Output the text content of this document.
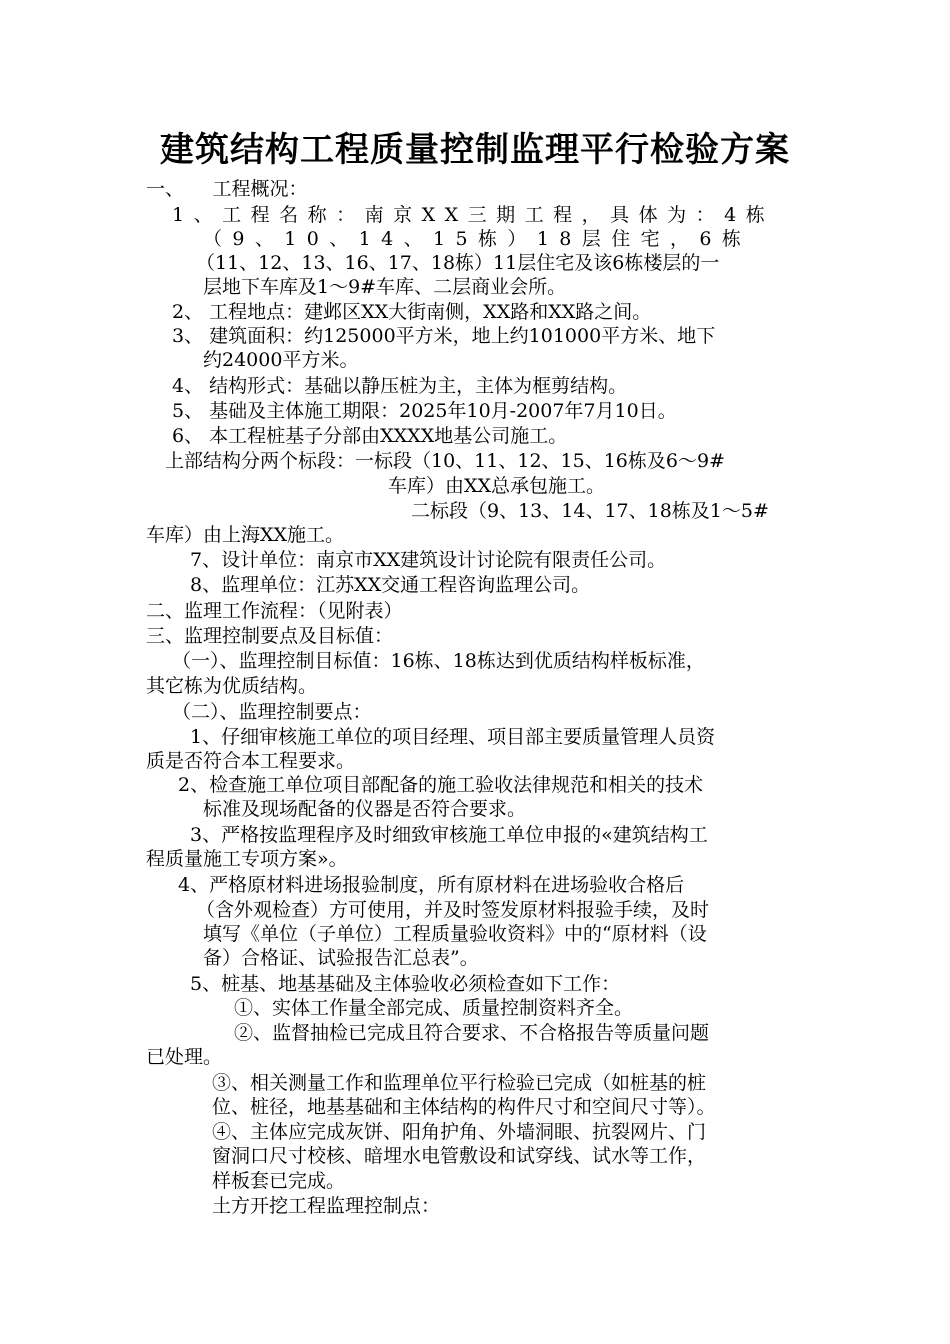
建筑结构工程质量控制监理平行检验方案
一、　　工程概况：
1、工程名称：南京XX三期工程，具体为：4栋
（9、10、14、15栋）18层住宅，6栋
（11、12、13、16、17、18栋）11层住宅及该6栋楼层的一
层地下车库及1～9#车库、二层商业会所。
2、 工程地点：建邺区XX大街南侧，XX路和XX路之间。
3、 建筑面积：约125000平方米，地上约101000平方米、地下
约24000平方米。
4、 结构形式：基础以静压桩为主，主体为框剪结构。
5、 基础及主体施工期限：2025年10月-2007年7月10日。
6、 本工程桩基子分部由XXXX地基公司施工。
上部结构分两个标段：一标段（10、11、12、15、16栋及6～9#
车库）由XX总承包施工。
二标段（9、13、14、17、18栋及1～5#
车库）由上海XX施工。
7、设计单位：南京市XX建筑设计讨论院有限责任公司。
8、监理单位：江苏XX交通工程咨询监理公司。
二、监理工作流程：（见附表）
三、监理控制要点及目标值：
（一）、监理控制目标值：16栋、18栋达到优质结构样板标准，
其它栋为优质结构。
（二）、监理控制要点：
1、仔细审核施工单位的项目经理、项目部主要质量管理人员资
质是否符合本工程要求。
2、检查施工单位项目部配备的施工验收法律规范和相关的技术
标准及现场配备的仪器是否符合要求。
3、严格按监理程序及时细致审核施工单位申报的«建筑结构工
程质量施工专项方案»。
4、严格原材料进场报验制度，所有原材料在进场验收合格后
（含外观检查）方可使用，并及时签发原材料报验手续，及时
填写《单位（子单位）工程质量验收资料》中的“原材料（设
备）合格证、试验报告汇总表”。
5、桩基、地基基础及主体验收必须检查如下工作：
①、实体工作量全部完成、质量控制资料齐全。
②、监督抽检已完成且符合要求、不合格报告等质量问题
已处理。
③、相关测量工作和监理单位平行检验已完成（如桩基的桩
位、桩径，地基基础和主体结构的构件尺寸和空间尺寸等）。
④、主体应完成灰饼、阳角护角、外墙洞眼、抗裂网片、门
窗洞口尺寸校核、暗埋水电管敷设和试穿线、试水等工作，
样板套已完成。
土方开挖工程监理控制点：
